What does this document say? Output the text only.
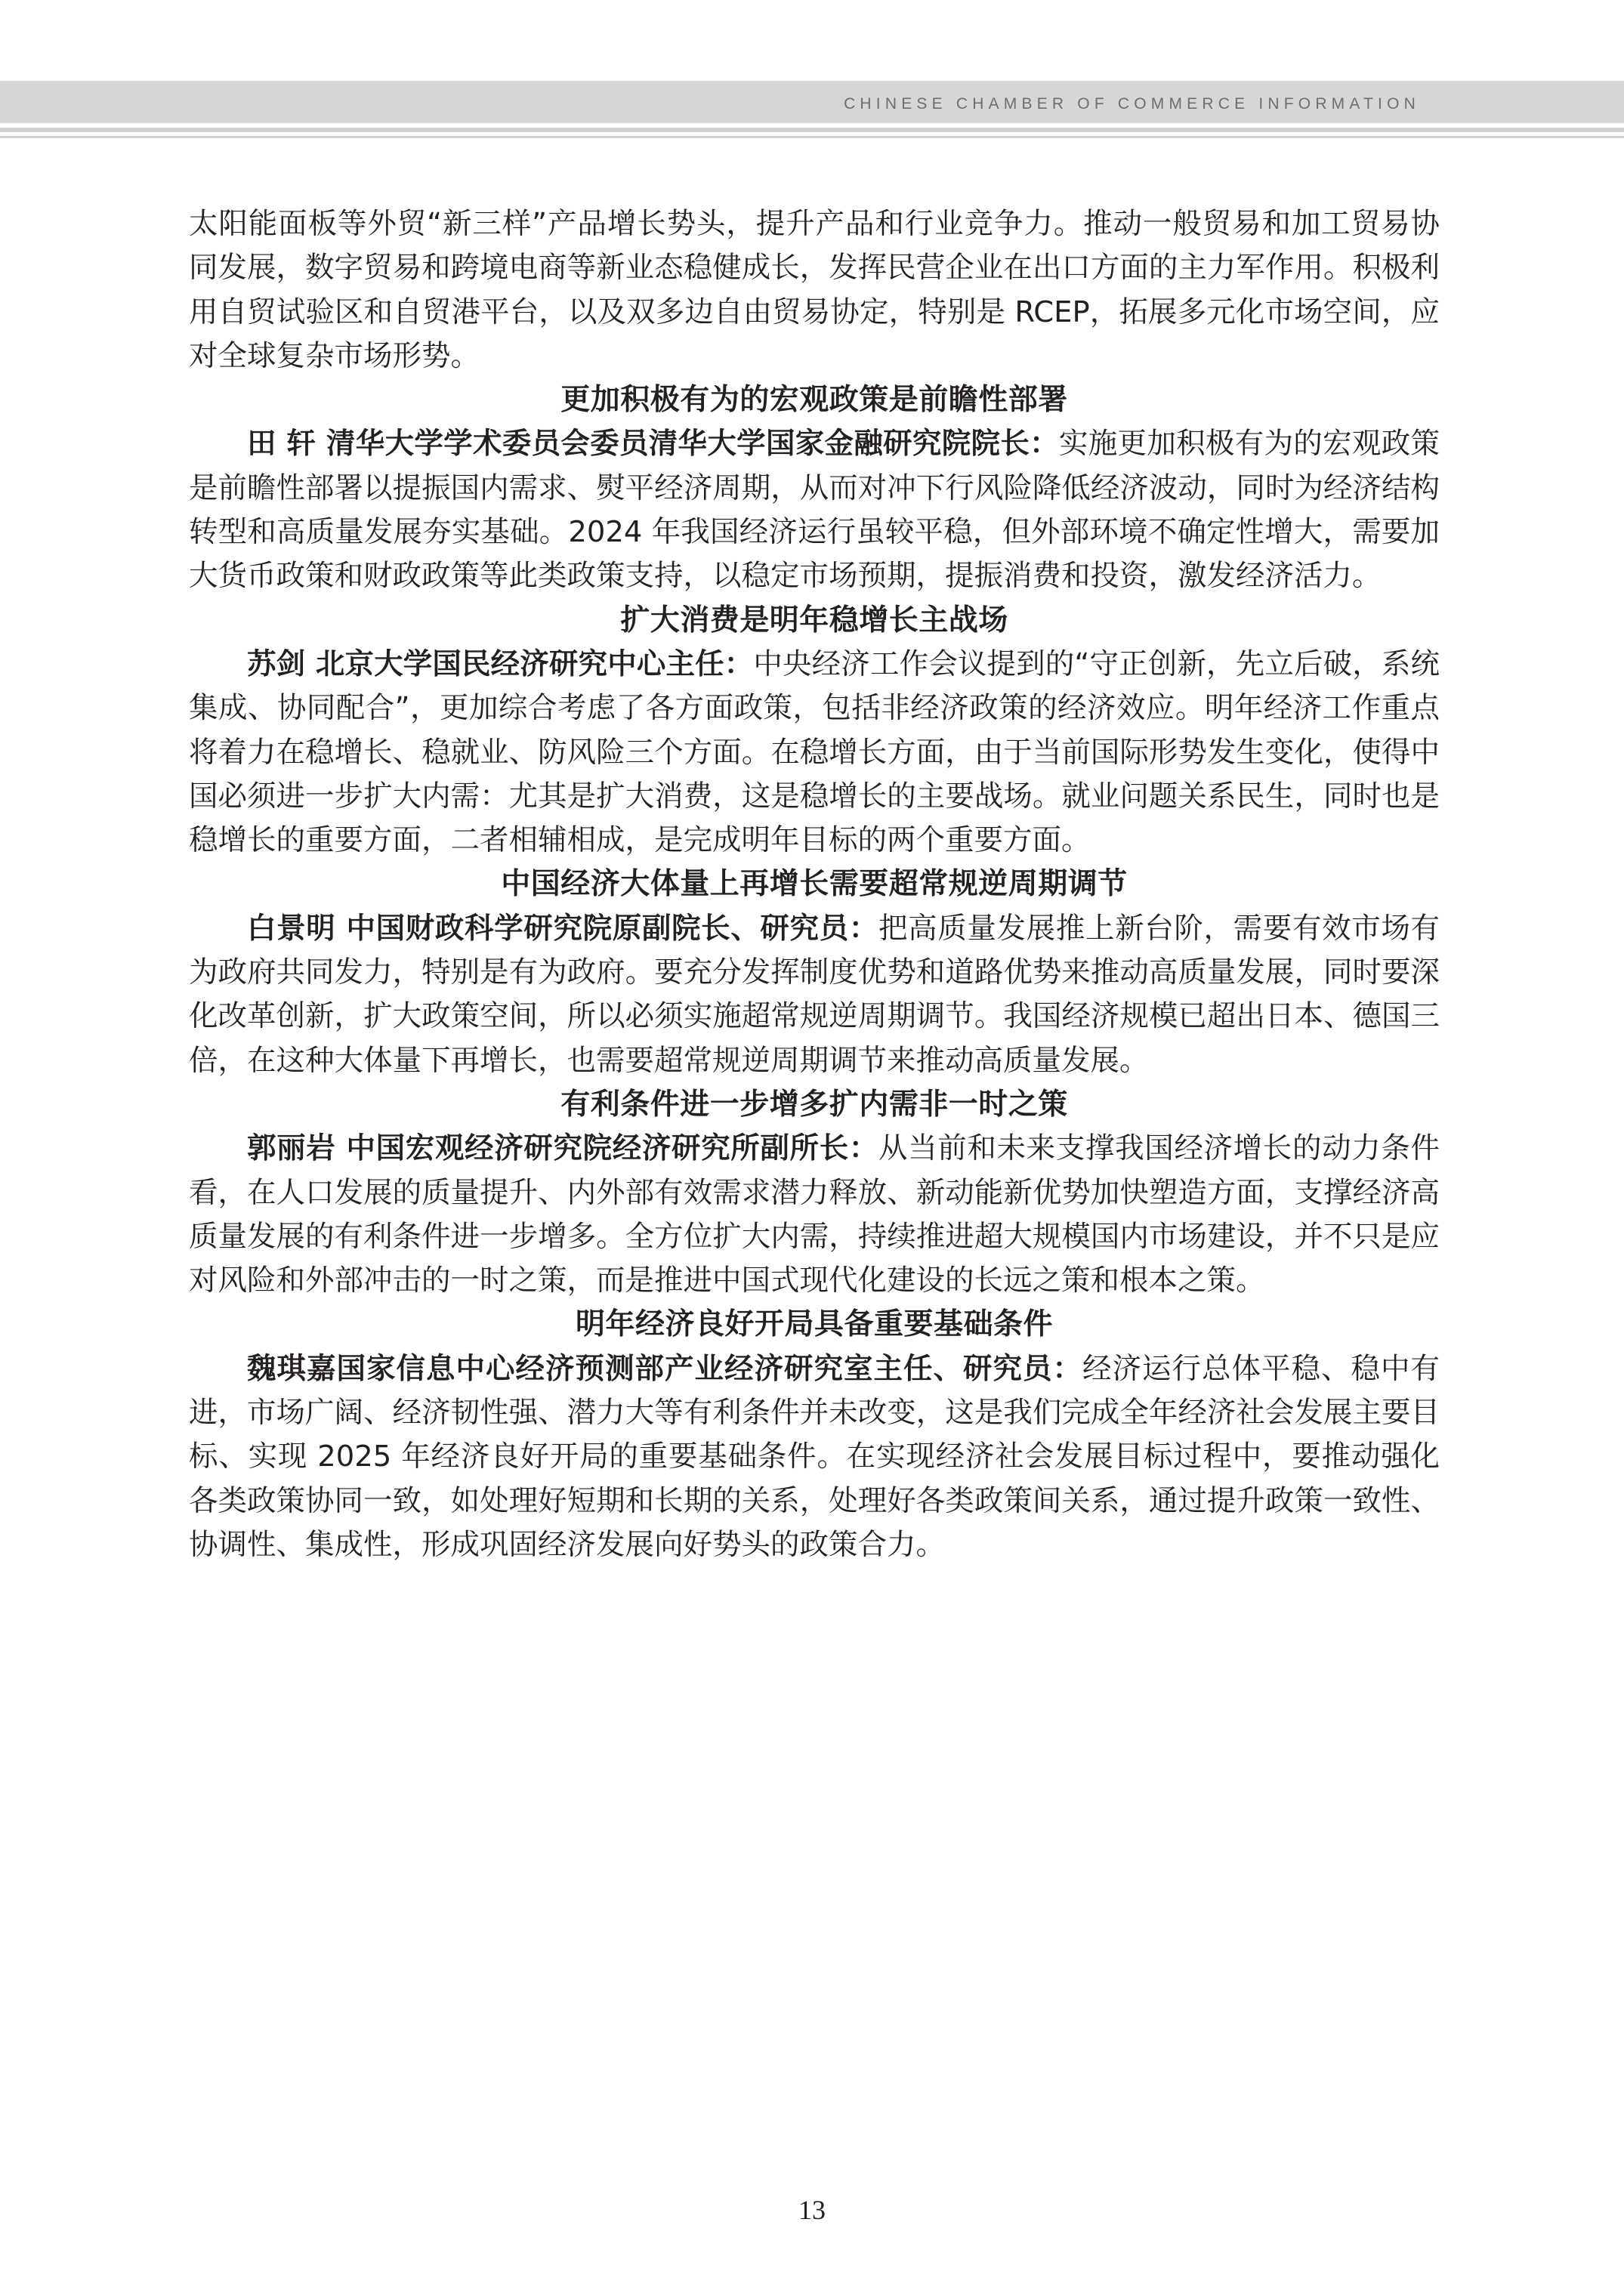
CHINESE CHAMBER OF COMMERCE INFORMATION

太阳能面板等外贸“新三样”产品增长势头，提升产品和行业竞争力。推动一般贸易和加工贸易协同发展，数字贸易和跨境电商等新业态稳健成长，发挥民营企业在出口方面的主力军作用。积极利用自贸试验区和自贸港平台，以及双多边自由贸易协定，特别是 RCEP，拓展多元化市场空间，应对全球复杂市场形势。

更加积极有为的宏观政策是前瞻性部署

田 轩 清华大学学术委员会委员清华大学国家金融研究院院长：实施更加积极有为的宏观政策是前瞻性部署以提振国内需求、熨平经济周期，从而对冲下行风险降低经济波动，同时为经济结构转型和高质量发展夯实基础。2024 年我国经济运行虽较平稳，但外部环境不确定性增大，需要加大货币政策和财政政策等此类政策支持，以稳定市场预期，提振消费和投资，激发经济活力。

扩大消费是明年稳增长主战场

苏剑 北京大学国民经济研究中心主任：中央经济工作会议提到的“守正创新，先立后破，系统集成、协同配合”，更加综合考虑了各方面政策，包括非经济政策的经济效应。明年经济工作重点将着力在稳增长、稳就业、防风险三个方面。在稳增长方面，由于当前国际形势发生变化，使得中国必须进一步扩大内需：尤其是扩大消费，这是稳增长的主要战场。就业问题关系民生，同时也是稳增长的重要方面，二者相辅相成，是完成明年目标的两个重要方面。

中国经济大体量上再增长需要超常规逆周期调节

白景明 中国财政科学研究院原副院长、研究员：把高质量发展推上新台阶，需要有效市场有为政府共同发力，特别是有为政府。要充分发挥制度优势和道路优势来推动高质量发展，同时要深化改革创新，扩大政策空间，所以必须实施超常规逆周期调节。我国经济规模已超出日本、德国三倍，在这种大体量下再增长，也需要超常规逆周期调节来推动高质量发展。

有利条件进一步增多扩内需非一时之策

郭丽岩 中国宏观经济研究院经济研究所副所长：从当前和未来支撑我国经济增长的动力条件看，在人口发展的质量提升、内外部有效需求潜力释放、新动能新优势加快塑造方面，支撑经济高质量发展的有利条件进一步增多。全方位扩大内需，持续推进超大规模国内市场建设，并不只是应对风险和外部冲击的一时之策，而是推进中国式现代化建设的长远之策和根本之策。

明年经济良好开局具备重要基础条件

魏琪嘉国家信息中心经济预测部产业经济研究室主任、研究员：经济运行总体平稳、稳中有进，市场广阔、经济韧性强、潜力大等有利条件并未改变，这是我们完成全年经济社会发展主要目标、实现 2025 年经济良好开局的重要基础条件。在实现经济社会发展目标过程中，要推动强化各类政策协同一致，如处理好短期和长期的关系，处理好各类政策间关系，通过提升政策一致性、协调性、集成性，形成巩固经济发展向好势头的政策合力。

13
